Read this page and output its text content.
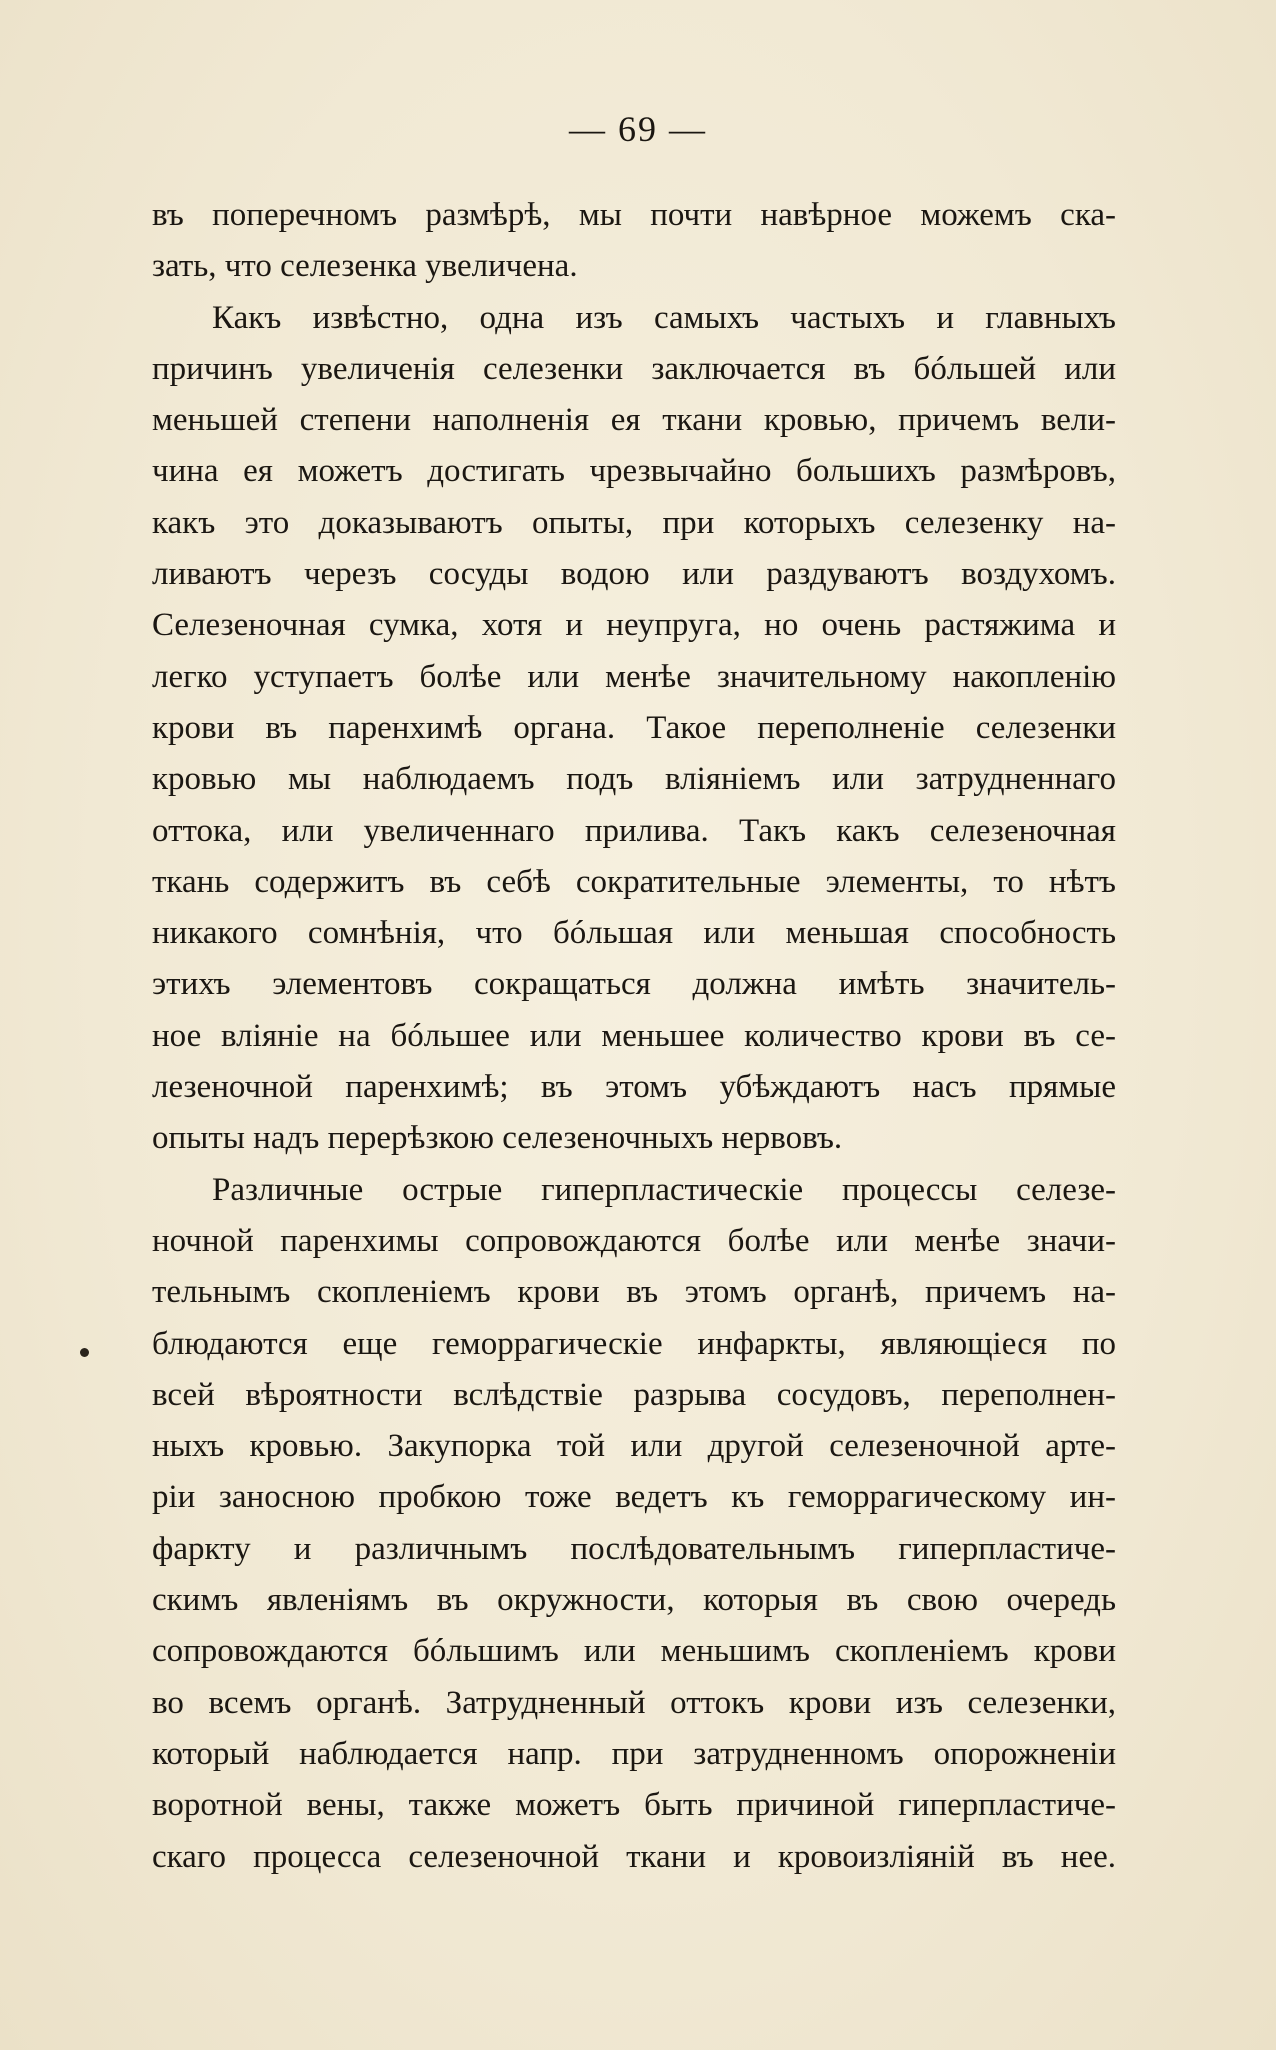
— 69 —
въ поперечномъ размѣрѣ, мы почти навѣрное можемъ ска-
зать, что селезенка увеличена.
Какъ извѣстно, одна изъ самыхъ частыхъ и главныхъ
причинъ увеличенія селезенки заключается въ бóльшей или
меньшей степени наполненія ея ткани кровью, причемъ вели-
чина ея можетъ достигать чрезвычайно большихъ размѣровъ,
какъ это доказываютъ опыты, при которыхъ селезенку на-
ливаютъ черезъ сосуды водою или раздуваютъ воздухомъ.
Селезеночная сумка, хотя и неупруга, но очень растяжима и
легко уступаетъ болѣе или менѣе значительному накопленію
крови въ паренхимѣ органа. Такое переполненіе селезенки
кровью мы наблюдаемъ подъ вліяніемъ или затрудненнаго
оттока, или увеличеннаго прилива. Такъ какъ селезеночная
ткань содержитъ въ себѣ сократительные элементы, то нѣтъ
никакого сомнѣнія, что бóльшая или меньшая способность
этихъ элементовъ сокращаться должна имѣть значитель-
ное вліяніе на бóльшее или меньшее количество крови въ се-
лезеночной паренхимѣ; въ этомъ убѣждаютъ насъ прямые
опыты надъ перерѣзкою селезеночныхъ нервовъ.
Различные острые гиперпластическіе процессы селезе-
ночной паренхимы сопровождаются болѣе или менѣе значи-
тельнымъ скопленіемъ крови въ этомъ органѣ, причемъ на-
блюдаются еще геморрагическіе инфаркты, являющіеся по
всей вѣроятности вслѣдствіе разрыва сосудовъ, переполнен-
ныхъ кровью. Закупорка той или другой селезеночной арте-
ріи заносною пробкою тоже ведетъ къ геморрагическому ин-
фаркту и различнымъ послѣдовательнымъ гиперпластиче-
скимъ явленіямъ въ окружности, которыя въ свою очередь
сопровождаются бóльшимъ или меньшимъ скопленіемъ крови
во всемъ органѣ. Затрудненный оттокъ крови изъ селезенки,
который наблюдается напр. при затрудненномъ опорожненіи
воротной вены, также можетъ быть причиной гиперпластиче-
скаго процесса селезеночной ткани и кровоизліяній въ нее.
